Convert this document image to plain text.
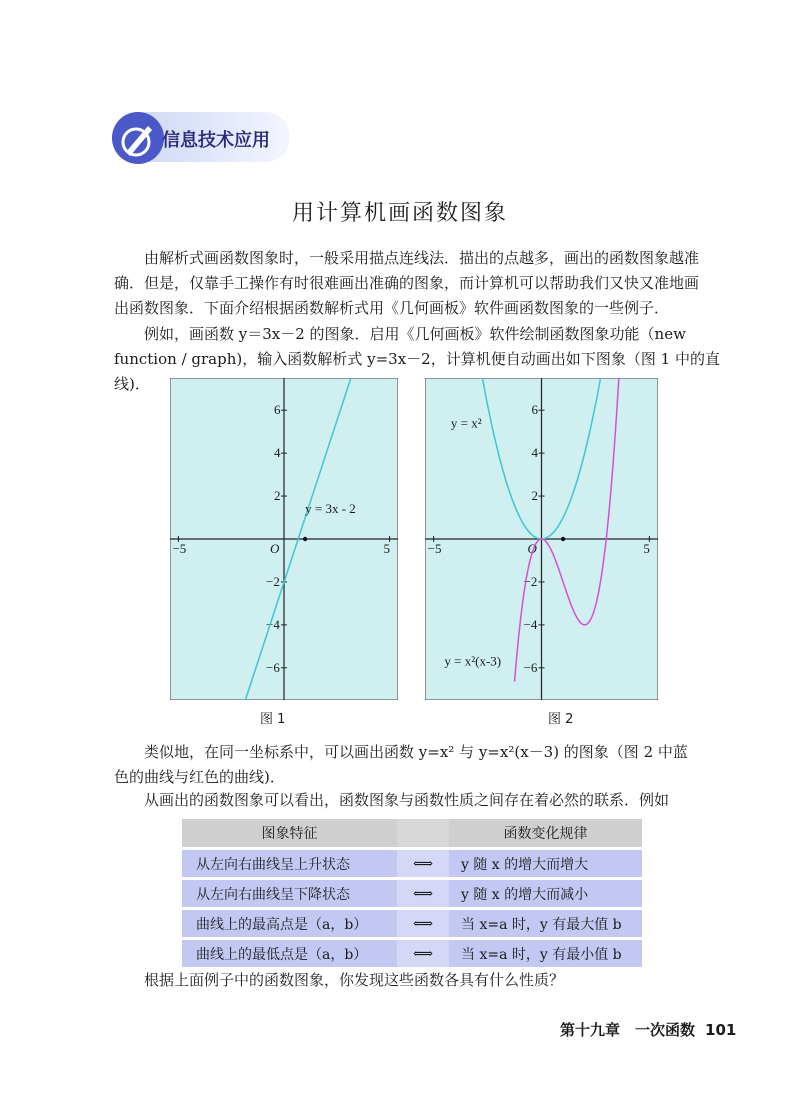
信息技术应用
用计算机画函数图象
　　由解析式画函数图象时，一般采用描点连线法．描出的点越多，画出的函数图象越准
确．但是，仅靠手工操作有时很难画出准确的图象，而计算机可以帮助我们又快又准地画
出函数图象．下面介绍根据函数解析式用《几何画板》软件画函数图象的一些例子．
　　例如，画函数 y＝3x－2 的图象．启用《几何画板》软件绘制函数图象功能（new
function / graph)，输入函数解析式 y=3x－2，计算机便自动画出如下图象（图 1 中的直线)．
−5	5
−6
−4
−2
2
4
6
O
y = 3x - 2
图 1
−5	5
−6
−4
−2
2
4
6
O
y = x²
y = x²(x-3)
图 2
　　类似地，在同一坐标系中，可以画出函数 y=x² 与 y=x²(x－3) 的图象（图 2 中蓝
色的曲线与红色的曲线)．
　　从画出的函数图象可以看出，函数图象与函数性质之间存在着必然的联系．例如
图象特征		函数变化规律
从左向右曲线呈上升状态	⟺	y 随 x 的增大而增大
从左向右曲线呈下降状态	⟺	y 随 x 的增大而减小
曲线上的最高点是（a，b）	⟺	当 x=a 时，y 有最大值 b
曲线上的最低点是（a，b）	⟺	当 x=a 时，y 有最小值 b
　　根据上面例子中的函数图象，你发现这些函数各具有什么性质？
第十九章　一次函数 101
